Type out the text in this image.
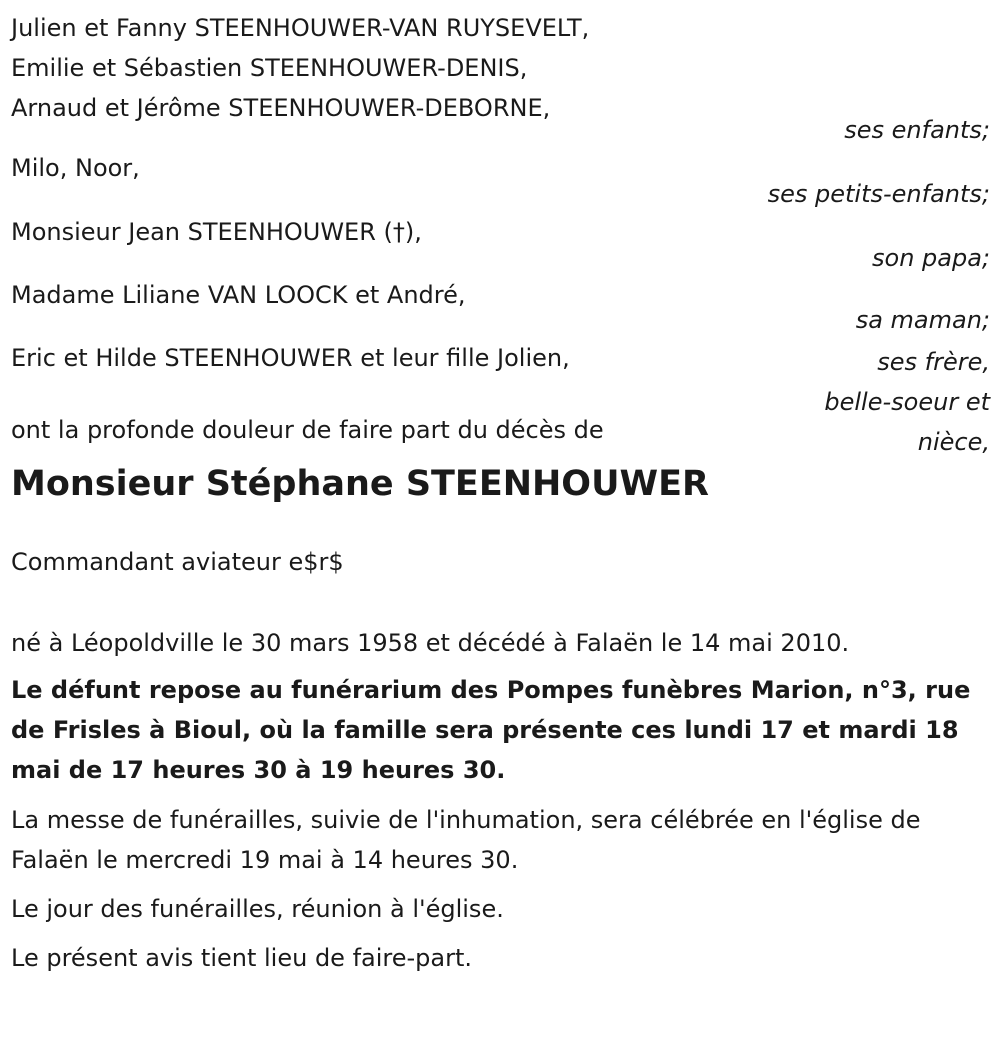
Julien et Fanny STEENHOUWER-VAN RUYSEVELT,
Emilie et Sébastien STEENHOUWER-DENIS,
Arnaud et Jérôme STEENHOUWER-DEBORNE,
ses enfants;
Milo, Noor,
ses petits-enfants;
Monsieur Jean STEENHOUWER (†),
son papa;
Madame Liliane VAN LOOCK et André,
sa maman;
Eric et Hilde STEENHOUWER et leur fille Jolien,
ont la profonde douleur de faire part du décès de
ses frère,
belle-soeur et
nièce,
Monsieur Stéphane STEENHOUWER
Commandant aviateur e$r$
né à Léopoldville le 30 mars 1958 et décédé à Falaën le 14 mai 2010.
Le défunt repose au funérarium des Pompes funèbres Marion, n°3, rue de Frisles à Bioul, où la famille sera présente ces lundi 17 et mardi 18 mai de 17 heures 30 à 19 heures 30.
La messe de funérailles, suivie de l'inhumation, sera célébrée en l'église de Falaën le mercredi 19 mai à 14 heures 30.
Le jour des funérailles, réunion à l'église.
Le présent avis tient lieu de faire-part.
